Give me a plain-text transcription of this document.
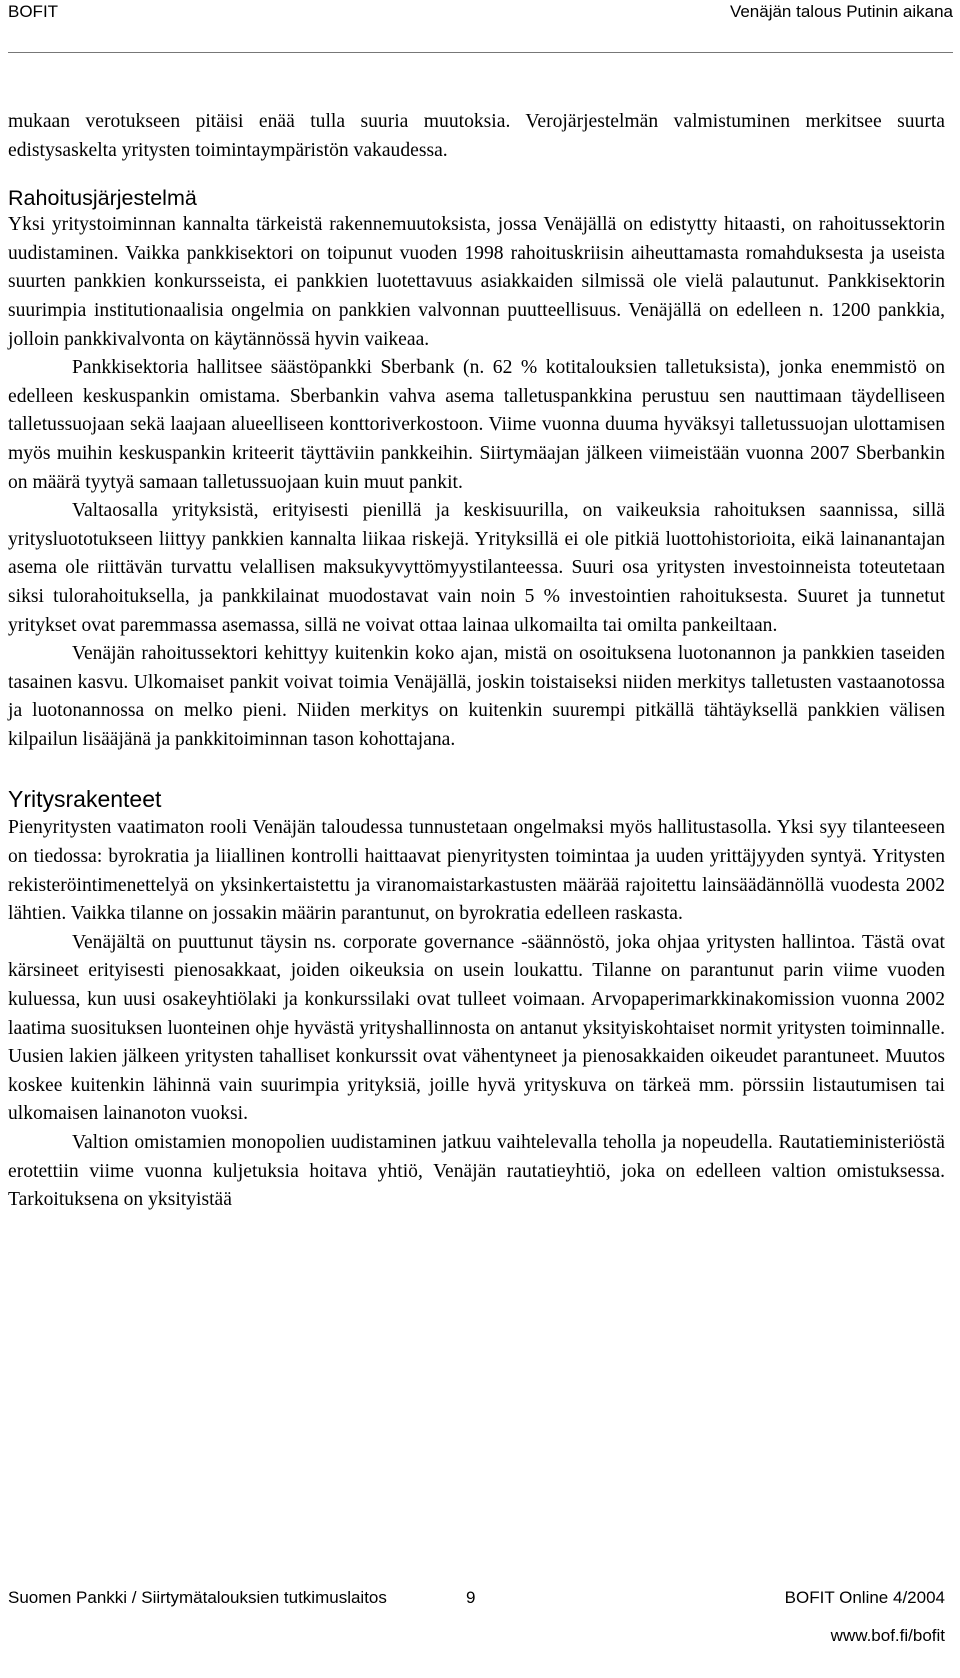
BOFIT	Venäjän talous Putinin aikana

mukaan verotukseen pitäisi enää tulla suuria muutoksia. Verojärjestelmän valmistuminen merkitsee suurta edistysaskelta yritysten toimintaympäristön vakaudessa.

Rahoitusjärjestelmä

Yksi yritystoiminnan kannalta tärkeistä rakennemuutoksista, jossa Venäjällä on edistytty hitaasti, on rahoitussektorin uudistaminen. Vaikka pankkisektori on toipunut vuoden 1998 rahoituskriisin aiheuttamasta romahduksesta ja useista suurten pankkien konkursseista, ei pankkien luotettavuus asiakkaiden silmissä ole vielä palautunut. Pankkisektorin suurimpia institutionaalisia ongelmia on pankkien valvonnan puutteellisuus. Venäjällä on edelleen n. 1200 pankkia, jolloin pankkivalvonta on käytännössä hyvin vaikeaa.

Pankkisektoria hallitsee säästöpankki Sberbank (n. 62 % kotitalouksien talletuksista), jonka enemmistö on edelleen keskuspankin omistama. Sberbankin vahva asema talletuspankkina perustuu sen nauttimaan täydelliseen talletussuojaan sekä laajaan alueelliseen konttoriverkostoon. Viime vuonna duuma hyväksyi talletussuojan ulottamisen myös muihin keskuspankin kriteerit täyttäviin pankkeihin. Siirtymäajan jälkeen viimeistään vuonna 2007 Sberbankin on määrä tyytyä samaan talletussuojaan kuin muut pankit.

Valtaosalla yrityksistä, erityisesti pienillä ja keskisuurilla, on vaikeuksia rahoituksen saannissa, sillä yritysluototukseen liittyy pankkien kannalta liikaa riskejä. Yrityksillä ei ole pitkiä luottohistorioita, eikä lainanantajan asema ole riittävän turvattu velallisen maksukyvyttömyystilanteessa. Suuri osa yritysten investoinneista toteutetaan siksi tulorahoituksella, ja pankkilainat muodostavat vain noin 5 % investointien rahoituksesta. Suuret ja tunnetut yritykset ovat paremmassa asemassa, sillä ne voivat ottaa lainaa ulkomailta tai omilta pankeiltaan.

Venäjän rahoitussektori kehittyy kuitenkin koko ajan, mistä on osoituksena luotonannon ja pankkien taseiden tasainen kasvu. Ulkomaiset pankit voivat toimia Venäjällä, joskin toistaiseksi niiden merkitys talletusten vastaanotossa ja luotonannossa on melko pieni. Niiden merkitys on kuitenkin suurempi pitkällä tähtäyksellä pankkien välisen kilpailun lisääjänä ja pankkitoiminnan tason kohottajana.

Yritysrakenteet

Pienyritysten vaatimaton rooli Venäjän taloudessa tunnustetaan ongelmaksi myös hallitustasolla. Yksi syy tilanteeseen on tiedossa: byrokratia ja liiallinen kontrolli haittaavat pienyritysten toimintaa ja uuden yrittäjyyden syntyä. Yritysten rekisteröintimenettelyä on yksinkertaistettu ja viranomaistarkastusten määrää rajoitettu lainsäädännöllä vuodesta 2002 lähtien. Vaikka tilanne on jossakin määrin parantunut, on byrokratia edelleen raskasta.

Venäjältä on puuttunut täysin ns. corporate governance -säännöstö, joka ohjaa yritysten hallintoa. Tästä ovat kärsineet erityisesti pienosakkaat, joiden oikeuksia on usein loukattu. Tilanne on parantunut parin viime vuoden kuluessa, kun uusi osakeyhtiölaki ja konkurssilaki ovat tulleet voimaan. Arvopaperimarkkinakomission vuonna 2002 laatima suosituksen luonteinen ohje hyvästä yrityshallinnosta on antanut yksityiskohtaiset normit yritysten toiminnalle. Uusien lakien jälkeen yritysten tahalliset konkurssit ovat vähentyneet ja pienosakkaiden oikeudet parantuneet. Muutos koskee kuitenkin lähinnä vain suurimpia yrityksiä, joille hyvä yrityskuva on tärkeä mm. pörssiin listautumisen tai ulkomaisen lainanoton vuoksi.

Valtion omistamien monopolien uudistaminen jatkuu vaihtelevalla teholla ja nopeudella. Rautatieministeriöstä erotettiin viime vuonna kuljetuksia hoitava yhtiö, Venäjän rautatieyhtiö, joka on edelleen valtion omistuksessa. Tarkoituksena on yksityistää

Suomen Pankki / Siirtymätalouksien tutkimuslaitos	9	BOFIT Online 4/2004
www.bof.fi/bofit
